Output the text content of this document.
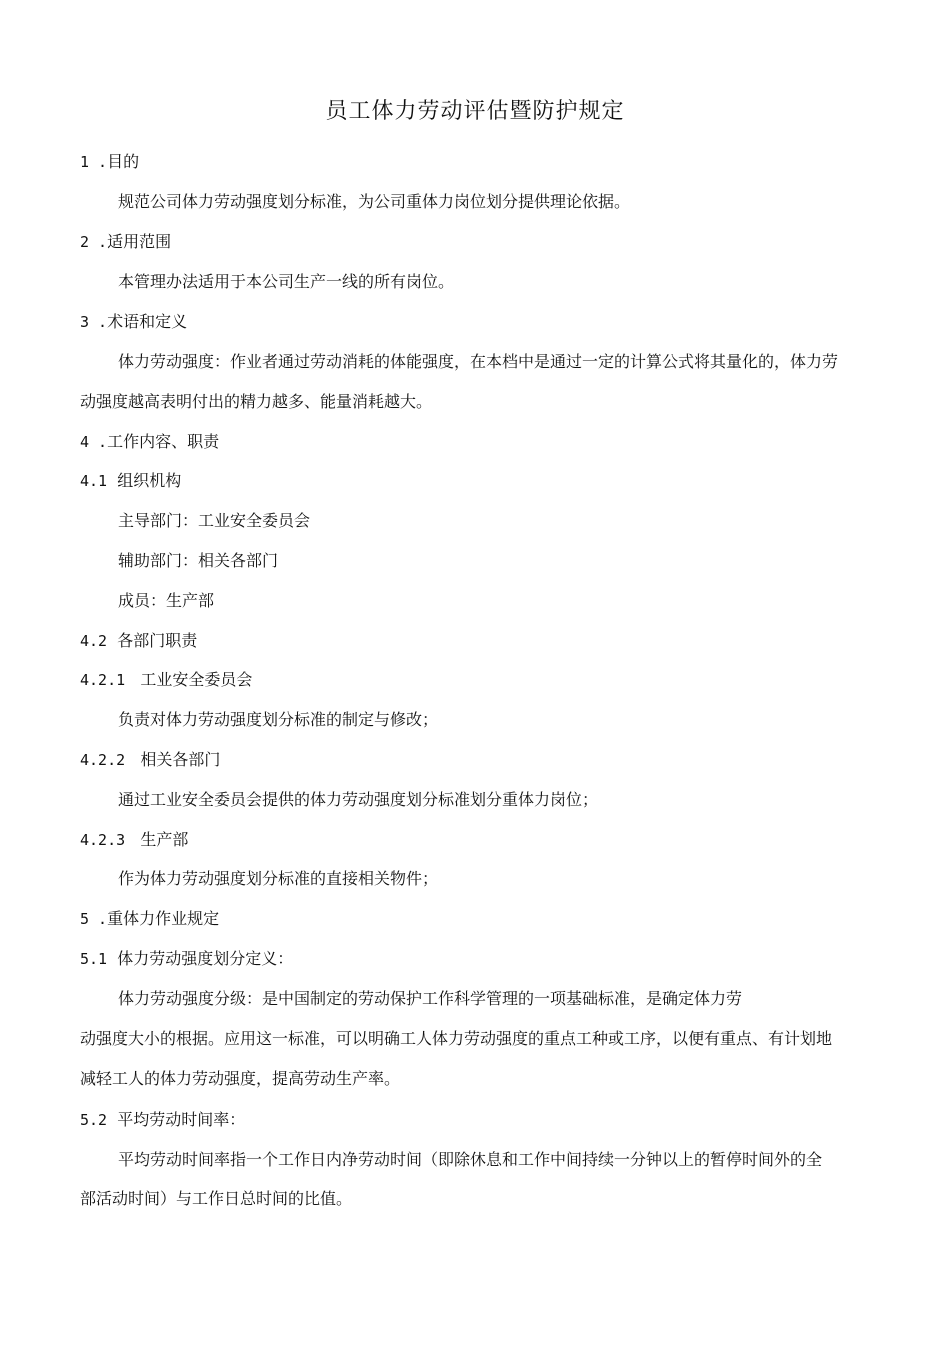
员工体力劳动评估暨防护规定
1 .目的
规范公司体力劳动强度划分标准，为公司重体力岗位划分提供理论依据。
2 .适用范围
本管理办法适用于本公司生产一线的所有岗位。
3 .术语和定义
体力劳动强度：作业者通过劳动消耗的体能强度，在本档中是通过一定的计算公式将其量化的，体力劳
动强度越高表明付出的精力越多、能量消耗越大。
4 .工作内容、职责
4.1 组织机构
主导部门：工业安全委员会
辅助部门：相关各部门
成员：生产部
4.2 各部门职责
4.2.1 工业安全委员会
负责对体力劳动强度划分标准的制定与修改；
4.2.2 相关各部门
通过工业安全委员会提供的体力劳动强度划分标准划分重体力岗位；
4.2.3 生产部
作为体力劳动强度划分标准的直接相关物件；
5 .重体力作业规定
5.1 体力劳动强度划分定义：
体力劳动强度分级：是中国制定的劳动保护工作科学管理的一项基础标准，是确定体力劳
动强度大小的根据。应用这一标准，可以明确工人体力劳动强度的重点工种或工序，以便有重点、有计划地
减轻工人的体力劳动强度，提高劳动生产率。
5.2 平均劳动时间率：
平均劳动时间率指一个工作日内净劳动时间（即除休息和工作中间持续一分钟以上的暂停时间外的全
部活动时间）与工作日总时间的比值。
